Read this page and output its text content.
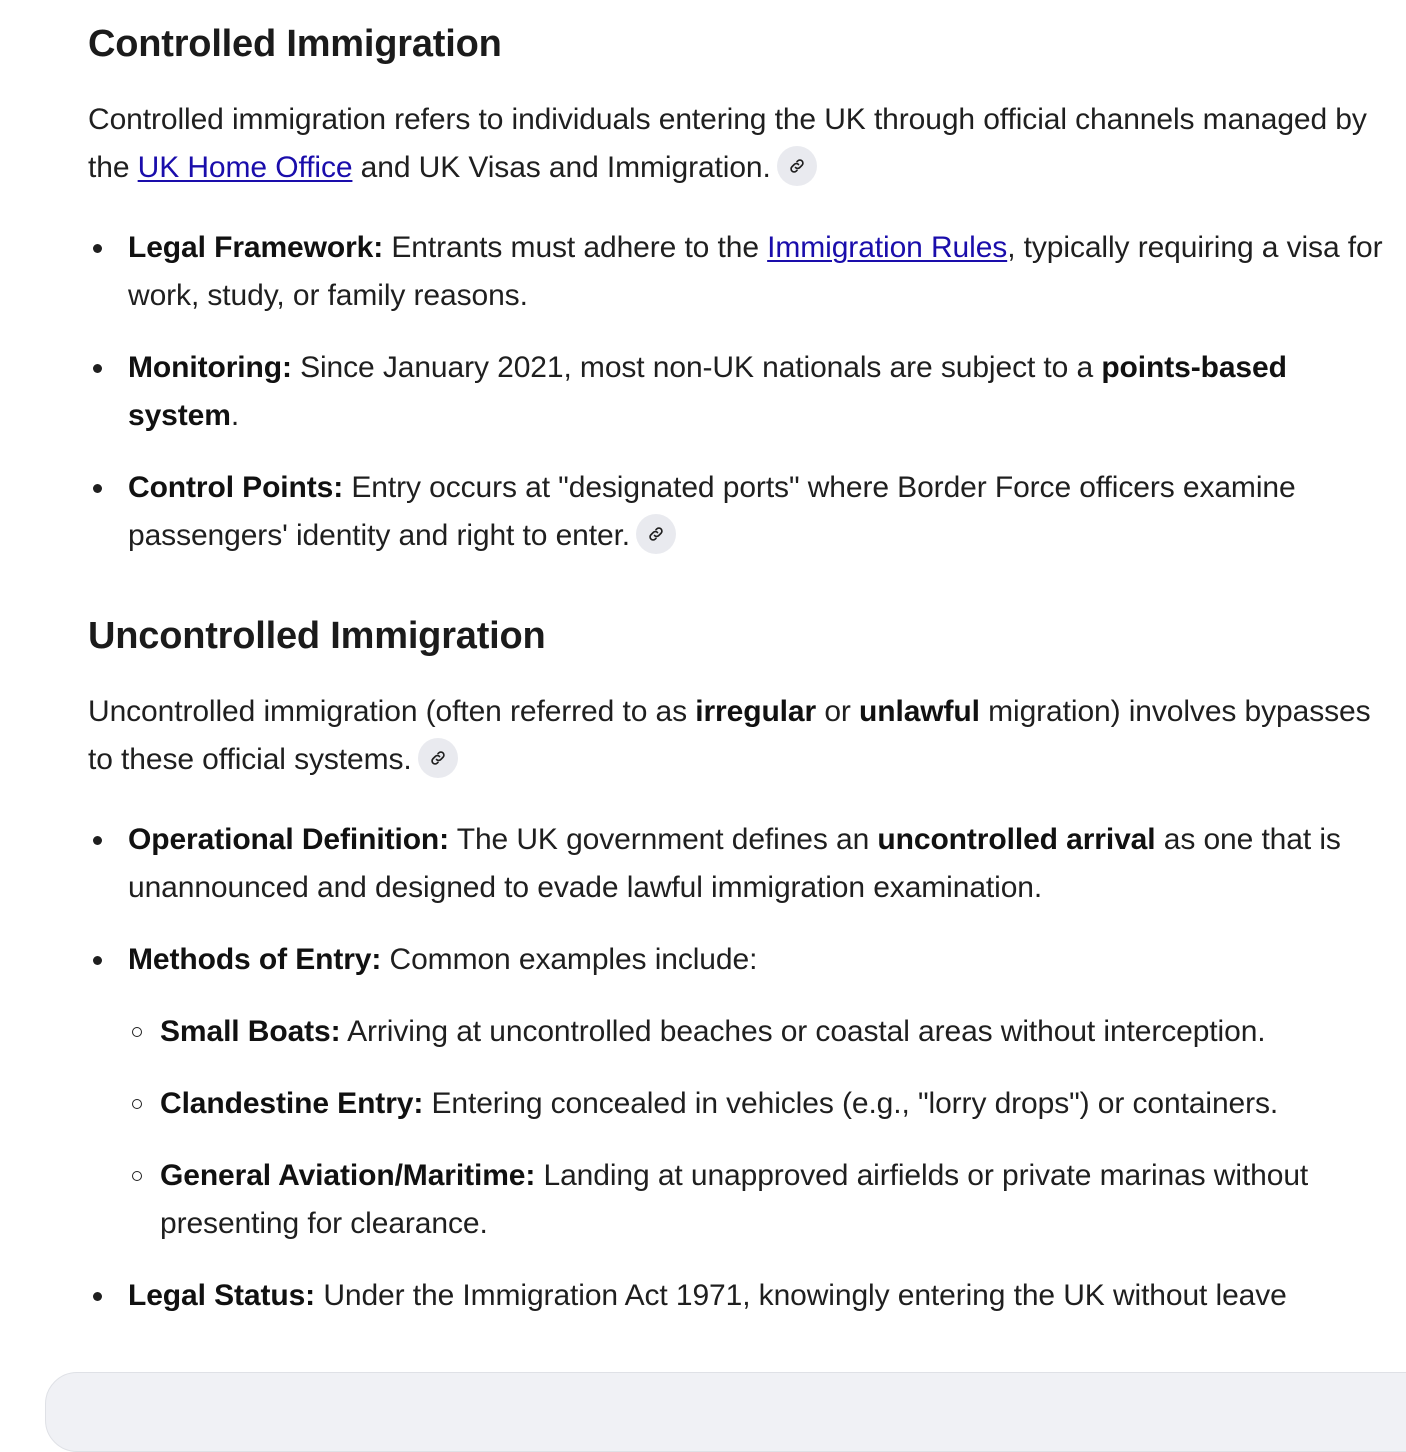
Controlled Immigration

Controlled immigration refers to individuals entering the UK through official channels managed by the UK Home Office and UK Visas and Immigration.

Legal Framework: Entrants must adhere to the Immigration Rules, typically requiring a visa for work, study, or family reasons.
Monitoring: Since January 2021, most non-UK nationals are subject to a points-based system.
Control Points: Entry occurs at "designated ports" where Border Force officers examine passengers' identity and right to enter.
Uncontrolled Immigration

Uncontrolled immigration (often referred to as irregular or unlawful migration) involves bypasses to these official systems.

Operational Definition: The UK government defines an uncontrolled arrival as one that is unannounced and designed to evade lawful immigration examination.
Methods of Entry: Common examples include:
Small Boats: Arriving at uncontrolled beaches or coastal areas without interception.
Clandestine Entry: Entering concealed in vehicles (e.g., "lorry drops") or containers.
General Aviation/Maritime: Landing at unapproved airfields or private marinas without presenting for clearance.
Legal Status: Under the Immigration Act 1971, knowingly entering the UK without leave
